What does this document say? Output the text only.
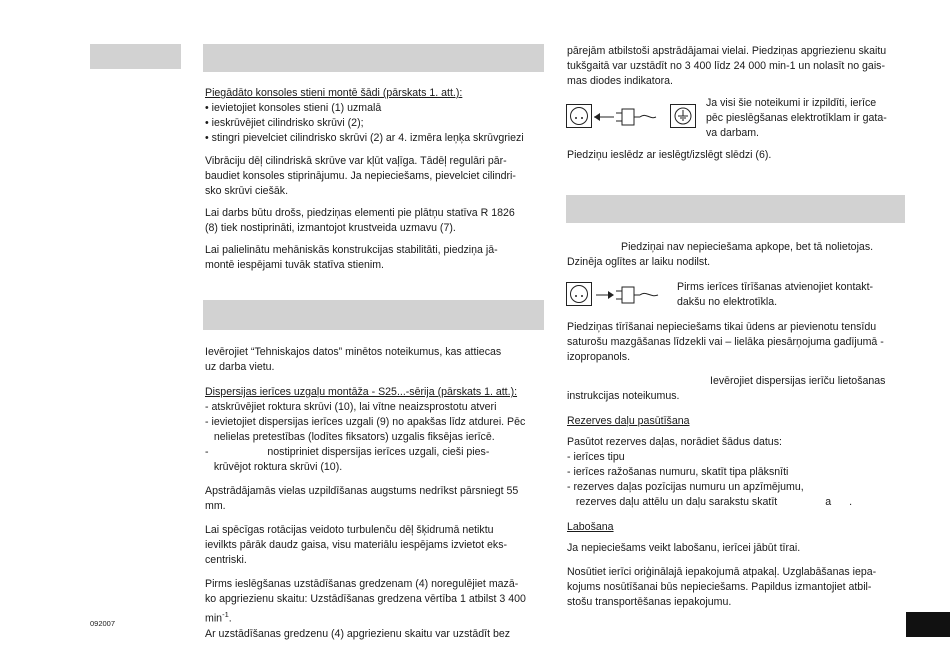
Piegādāto konsoles stieni montē šādi (pārskats 1. att.):

• ievietojiet konsoles stieni (1) uzmalā

• ieskrūvējiet cilindrisko skrūvi (2);

• stingri pievelciet cilindrisko skrūvi (2) ar 4. izmēra leņķa skrūvgriezi

Vibrāciju dēļ cilindriskā skrūve var kļūt vaļīga. Tādēļ regulāri pār-

baudiet konsoles stiprinājumu. Ja nepieciešams, pievelciet cilindri-

sko skrūvi ciešāk.

Lai darbs būtu drošs, piedziņas elementi pie plātņu statīva R 1826

(8) tiek nostiprināti, izmantojot krustveida uzmavu (7).

Lai palielinātu mehāniskās konstrukcijas stabilitāti, piedziņa jā-

montē iespējami tuvāk statīva stienim.

Ievērojiet “Tehniskajos datos” minētos noteikumus, kas attiecas

uz darba vietu.

Dispersijas ierīces uzgaļu montāža - S25...-sērija (pārskats 1. att.):

- atskrūvējiet roktura skrūvi (10), lai vītne neaizsprostotu atveri

- ievietojiet dispersijas ierīces uzgali (9) no apakšas līdz atdurei. Pēc

nelielas pretestības (lodītes fiksators) uzgalis fiksējas ierīcē.

-                    nostipriniet dispersijas ierīces uzgali, cieši pies-

krūvējot roktura skrūvi (10).

Apstrādājamās vielas uzpildīšanas augstums nedrīkst pārsniegt 55 mm.

Lai spēcīgas rotācijas veidoto turbulenču dēļ šķidrumā netiktu

ievilkts pārāk daudz gaisa, visu materiālu iespējams izvietot eks-

centriski.

Pirms ieslēgšanas uzstādīšanas gredzenam (4) noregulējiet mazā-

ko apgriezienu skaitu: Uzstādīšanas gredzena vērtība 1 atbilst 3 400

$\min^{-1}$.

Ar uzstādīšanas gredzenu (4) apgriezienu skaitu var uzstādīt bez

092007

pārejām atbilstoši apstrādājamai vielai. Piedziņas apgriezienu skaitu

tukšgaitā var uzstādīt no 3 400 līdz 24 000 min-1 un nolasīt no gais-

mas diodes indikatora.

Ja visi šie noteikumi ir izpildīti, ierīce

pēc pieslēgšanas elektrotīklam ir gata-

va darbam.

Piedziņu ieslēdz ar ieslēgt/izslēgt slēdzi (6).

Piedziņai nav nepieciešama apkope, bet tā nolietojas.

Dzinēja oglītes ar laiku nodilst.

Pirms ierīces tīrīšanas atvienojiet kontakt-

dakšu no elektrotīkla.

Piedziņas tīrīšanai nepieciešams tikai ūdens ar pievienotu tensīdu

saturošu mazgāšanas līdzekli vai – lielāka piesārņojuma gadījumā -

izopropanols.

Ievērojiet dispersijas ierīču lietošanas

instrukcijas noteikumus.

Rezerves daļu pasūtīšana

Pasūtot rezerves daļas, norādiet šādus datus:

- ierīces tipu

- ierīces ražošanas numuru, skatīt tipa plāksnīti

- rezerves daļas pozīcijas numuru un apzīmējumu,

rezerves daļu attēlu un daļu sarakstu skatīt	a .

Labošana

Ja nepieciešams veikt labošanu, ierīcei jābūt tīrai.

Nosūtiet ierīci oriģinālajā iepakojumā atpakaļ. Uzglabāšanas iepa-

kojums nosūtīšanai būs nepieciešams. Papildus izmantojiet atbil-

stošu transportēšanas iepakojumu.
